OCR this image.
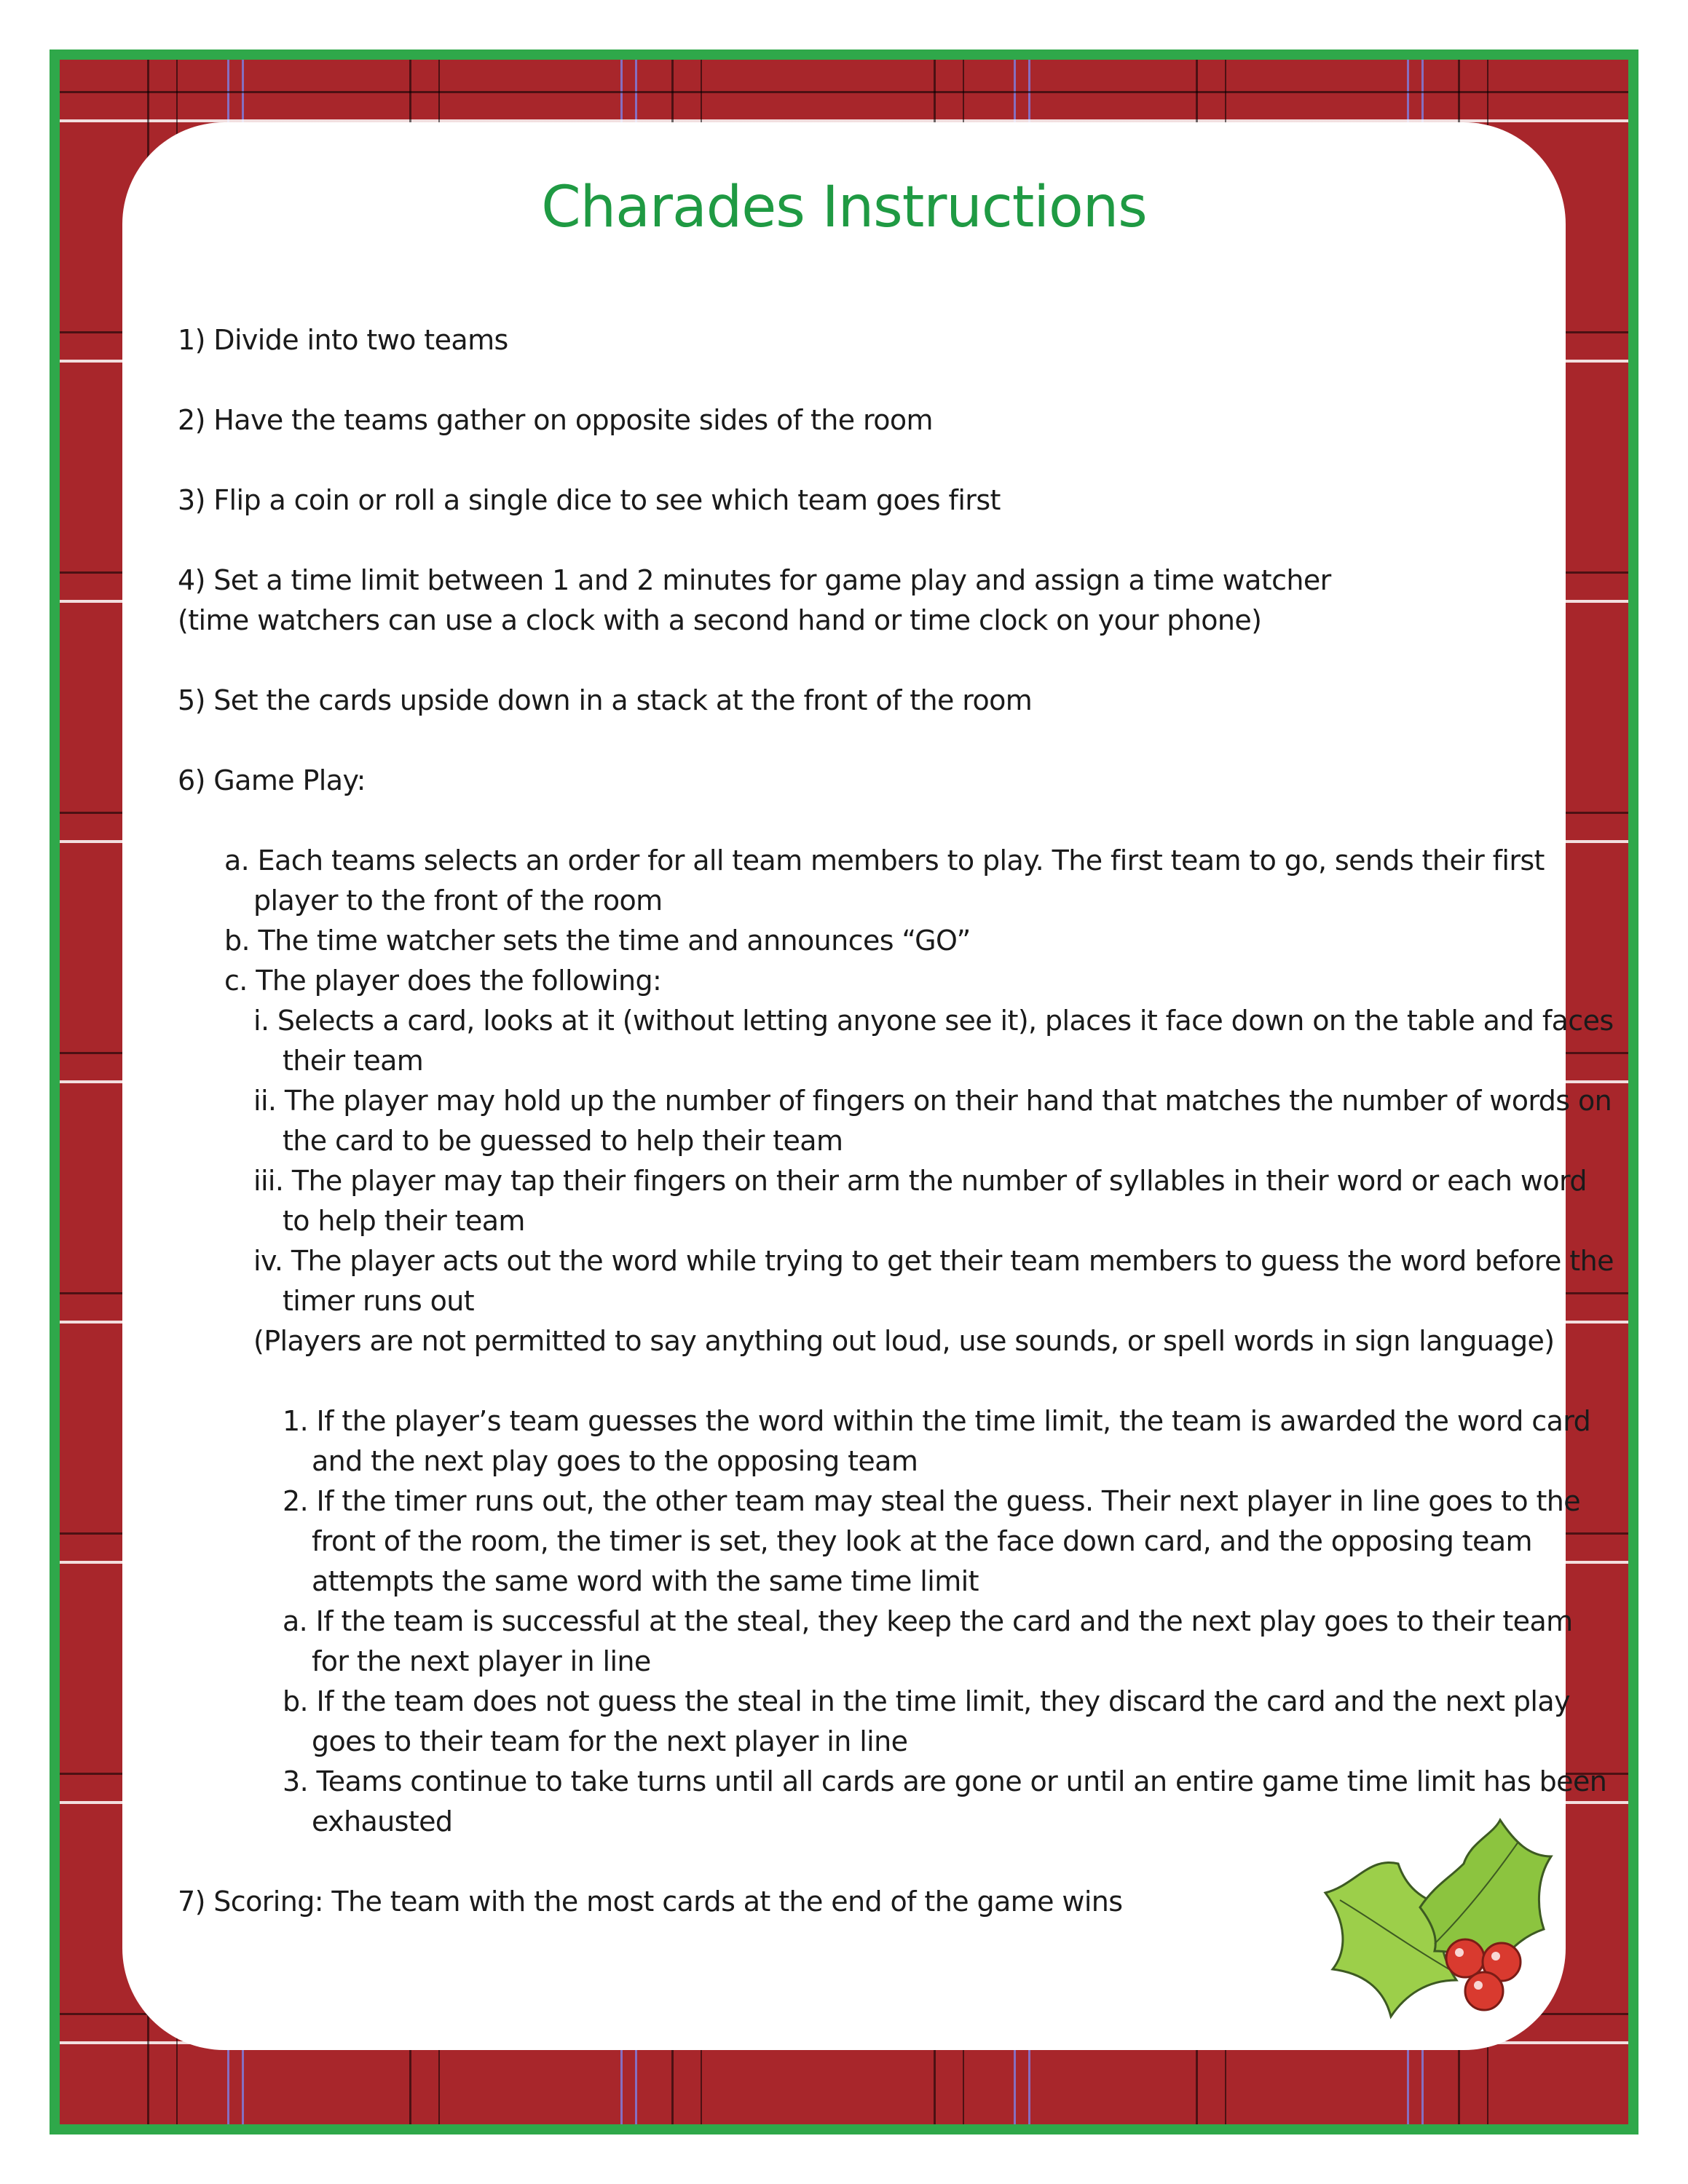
Charades Instructions
1) Divide into two teams
2) Have the teams gather on opposite sides of the room
3) Flip a coin or roll a single dice to see which team goes first
4) Set a time limit between 1 and 2 minutes for game play and assign a time watcher
(time watchers can use a clock with a second hand or time clock on your phone)
5) Set the cards upside down in a stack at the front of the room
6) Game Play:
a. Each teams selects an order for all team members to play. The first team to go, sends their first
player to the front of the room
b. The time watcher sets the time and announces “GO”
c. The player does the following:
i. Selects a card, looks at it (without letting anyone see it), places it face down on the table and faces
their team
ii. The player may hold up the number of fingers on their hand that matches the number of words on
the card to be guessed to help their team
iii. The player may tap their fingers on their arm the number of syllables in their word or each word
to help their team
iv. The player acts out the word while trying to get their team members to guess the word before the
timer runs out
(Players are not permitted to say anything out loud, use sounds, or spell words in sign language)
1. If the player’s team guesses the word within the time limit, the team is awarded the word card
and the next play goes to the opposing team
2. If the timer runs out, the other team may steal the guess. Their next player in line goes to the
front of the room, the timer is set, they look at the face down card, and the opposing team
attempts the same word with the same time limit
a. If the team is successful at the steal, they keep the card and the next play goes to their team
for the next player in line
b. If the team does not guess the steal in the time limit, they discard the card and the next play
goes to their team for the next player in line
3. Teams continue to take turns until all cards are gone or until an entire game time limit has been
exhausted
7) Scoring: The team with the most cards at the end of the game wins
